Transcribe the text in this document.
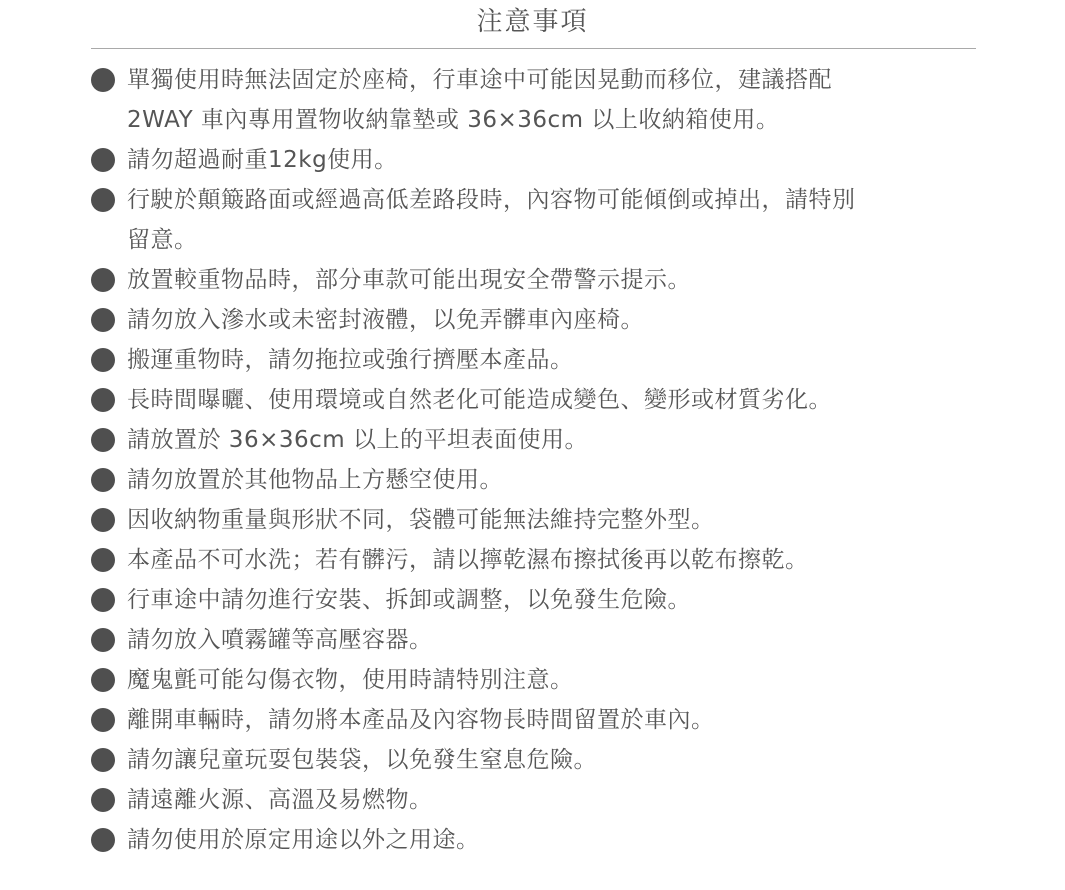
注意事項
單獨使用時無法固定於座椅，行車途中可能因晃動而移位，建議搭配
2WAY 車內專用置物收納靠墊或 36×36cm 以上收納箱使用。
請勿超過耐重12kg使用。
行駛於顛簸路面或經過高低差路段時，內容物可能傾倒或掉出，請特別
留意。
放置較重物品時，部分車款可能出現安全帶警示提示。
請勿放入滲水或未密封液體，以免弄髒車內座椅。
搬運重物時，請勿拖拉或強行擠壓本產品。
長時間曝曬、使用環境或自然老化可能造成變色、變形或材質劣化。
請放置於 36×36cm 以上的平坦表面使用。
請勿放置於其他物品上方懸空使用。
因收納物重量與形狀不同，袋體可能無法維持完整外型。
本產品不可水洗；若有髒污，請以擰乾濕布擦拭後再以乾布擦乾。
行車途中請勿進行安裝、拆卸或調整，以免發生危險。
請勿放入噴霧罐等高壓容器。
魔鬼氈可能勾傷衣物，使用時請特別注意。
離開車輛時，請勿將本產品及內容物長時間留置於車內。
請勿讓兒童玩耍包裝袋，以免發生窒息危險。
請遠離火源、高溫及易燃物。
請勿使用於原定用途以外之用途。
